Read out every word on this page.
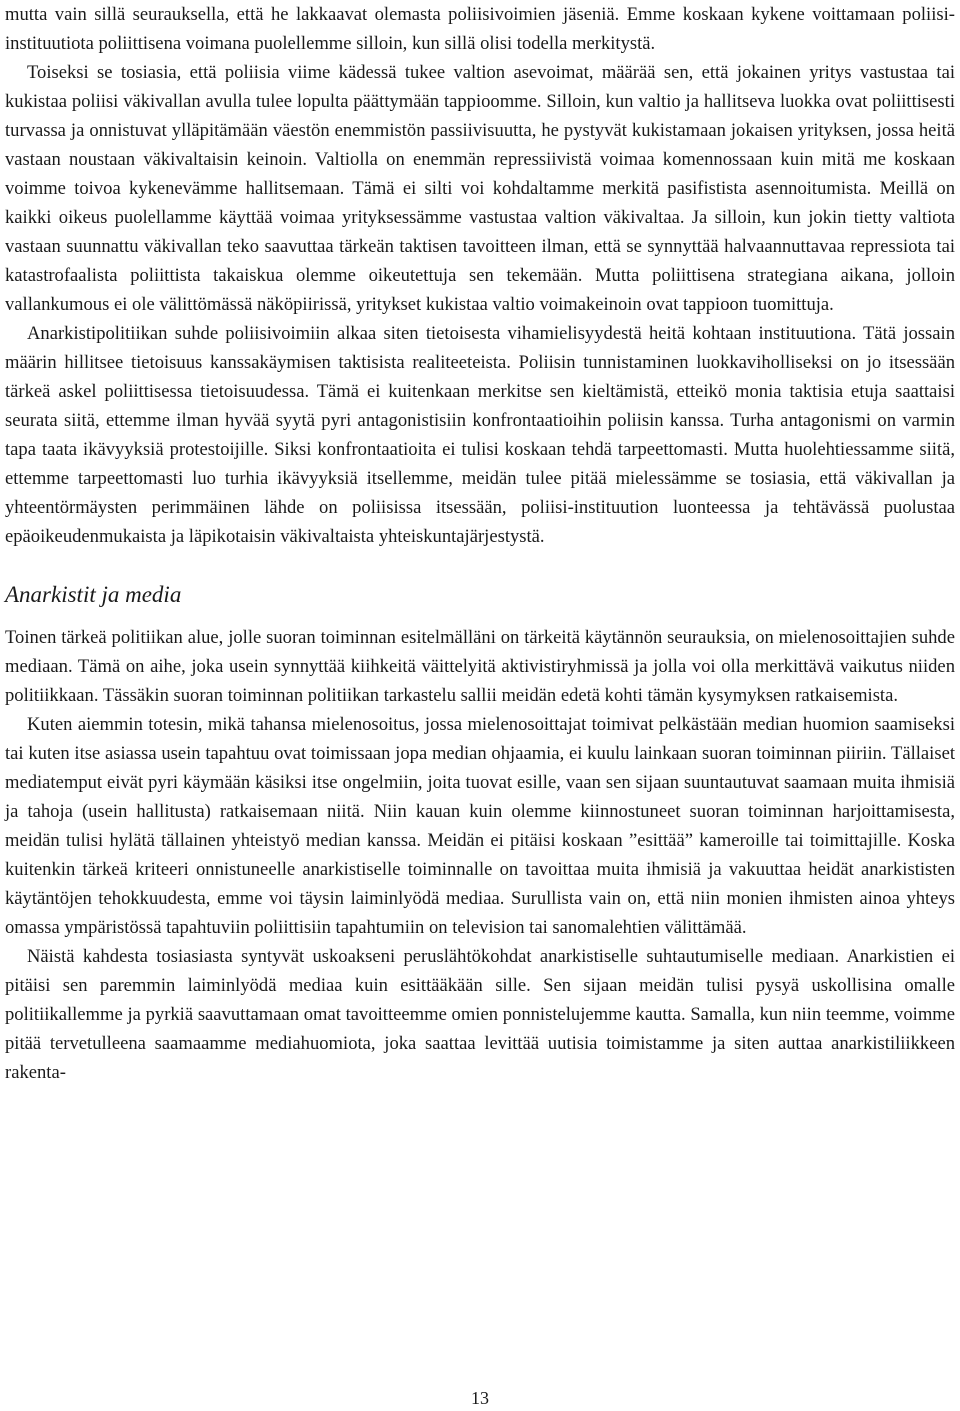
mutta vain sillä seurauksella, että he lakkaavat olemasta poliisivoimien jäseniä. Emme koskaan kykene voittamaan poliisi-instituutiota poliittisena voimana puolellemme silloin, kun sillä olisi todella merkitystä.

Toiseksi se tosiasia, että poliisia viime kädessä tukee valtion asevoimat, määrää sen, että jokainen yritys vastustaa tai kukistaa poliisi väkivallan avulla tulee lopulta päättymään tappioomme. Silloin, kun valtio ja hallitseva luokka ovat poliittisesti turvassa ja onnistuvat ylläpitämään väestön enemmistön passiivisuutta, he pystyvät kukistamaan jokaisen yrityksen, jossa heitä vastaan noustaan väkivaltaisin keinoin. Valtiolla on enemmän repressiivistä voimaa komennossaan kuin mitä me koskaan voimme toivoa kykenevämme hallitsemaan. Tämä ei silti voi kohdaltamme merkitä pasifistista asennoitumista. Meillä on kaikki oikeus puolellamme käyttää voimaa yrityksessämme vastustaa valtion väkivaltaa. Ja silloin, kun jokin tietty valtiota vastaan suunnattu väkivallan teko saavuttaa tärkeän taktisen tavoitteen ilman, että se synnyttää halvaannuttavaa repressiota tai katastrofaalista poliittista takaiskua olemme oikeutettuja sen tekemään. Mutta poliittisena strategiana aikana, jolloin vallankumous ei ole välittömässä näköpiirissä, yritykset kukistaa valtio voimakeinoin ovat tappioon tuomittuja.

Anarkistipolitiikan suhde poliisivoimiin alkaa siten tietoisesta vihamielisyydestä heitä kohtaan instituutiona. Tätä jossain määrin hillitsee tietoisuus kanssakäymisen taktisista realiteeteista. Poliisin tunnistaminen luokkaviholliseksi on jo itsessään tärkeä askel poliittisessa tietoisuudessa. Tämä ei kuitenkaan merkitse sen kieltämistä, etteikö monia taktisia etuja saattaisi seurata siitä, ettemme ilman hyvää syytä pyri antagonistisiin konfrontaatioihin poliisin kanssa. Turha antagonismi on varmin tapa taata ikävyyksiä protestoijille. Siksi konfrontaatioita ei tulisi koskaan tehdä tarpeettomasti. Mutta huolehtiessamme siitä, ettemme tarpeettomasti luo turhia ikävyyksiä itsellemme, meidän tulee pitää mielessämme se tosiasia, että väkivallan ja yhteentörmäysten perimmäinen lähde on poliisissa itsessään, poliisi-instituution luonteessa ja tehtävässä puolustaa epäoikeudenmukaista ja läpikotaisin väkivaltaista yhteiskuntajärjestystä.

Anarkistit ja media

Toinen tärkeä politiikan alue, jolle suoran toiminnan esitelmälläni on tärkeitä käytännön seurauksia, on mielenosoittajien suhde mediaan. Tämä on aihe, joka usein synnyttää kiihkeitä väittelyitä aktivistiryhmissä ja jolla voi olla merkittävä vaikutus niiden politiikkaan. Tässäkin suoran toiminnan politiikan tarkastelu sallii meidän edetä kohti tämän kysymyksen ratkaisemista.

Kuten aiemmin totesin, mikä tahansa mielenosoitus, jossa mielenosoittajat toimivat pelkästään median huomion saamiseksi tai kuten itse asiassa usein tapahtuu ovat toimissaan jopa median ohjaamia, ei kuulu lainkaan suoran toiminnan piiriin. Tällaiset mediatemput eivät pyri käymään käsiksi itse ongelmiin, joita tuovat esille, vaan sen sijaan suuntautuvat saamaan muita ihmisiä ja tahoja (usein hallitusta) ratkaisemaan niitä. Niin kauan kuin olemme kiinnostuneet suoran toiminnan harjoittamisesta, meidän tulisi hylätä tällainen yhteistyö median kanssa. Meidän ei pitäisi koskaan ”esittää” kameroille tai toimittajille. Koska kuitenkin tärkeä kriteeri onnistuneelle anarkistiselle toiminnalle on tavoittaa muita ihmisiä ja vakuuttaa heidät anarkististen käytäntöjen tehokkuudesta, emme voi täysin laiminlyödä mediaa. Surullista vain on, että niin monien ihmisten ainoa yhteys omassa ympäristössä tapahtuviin poliittisiin tapahtumiin on television tai sanomalehtien välittämää.

Näistä kahdesta tosiasiasta syntyvät uskoakseni peruslähtökohdat anarkistiselle suhtautumiselle mediaan. Anarkistien ei pitäisi sen paremmin laiminlyödä mediaa kuin esittääkään sille. Sen sijaan meidän tulisi pysyä uskollisina omalle politiikallemme ja pyrkiä saavuttamaan omat tavoitteemme omien ponnistelujemme kautta. Samalla, kun niin teemme, voimme pitää tervetulleena saamaamme mediahuomiota, joka saattaa levittää uutisia toimistamme ja siten auttaa anarkistiliikkeen rakenta-

13
